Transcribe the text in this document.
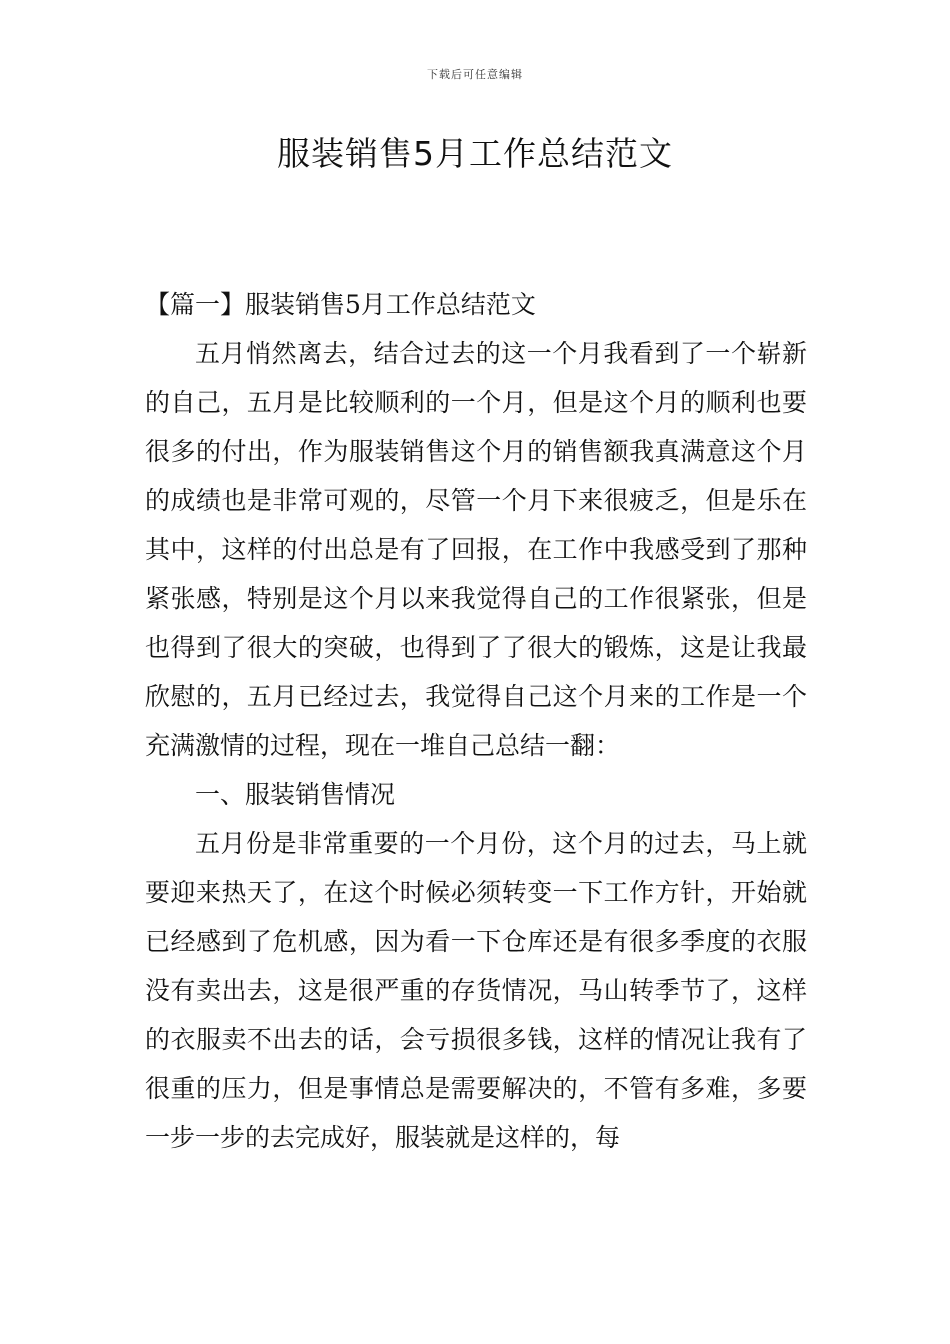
下载后可任意编辑
服装销售5月工作总结范文

【篇一】服装销售5月工作总结范文

五月悄然离去，结合过去的这一个月我看到了一个崭新的自己，五月是比较顺利的一个月，但是这个月的顺利也要很多的付出，作为服装销售这个月的销售额我真满意这个月的成绩也是非常可观的，尽管一个月下来很疲乏，但是乐在其中，这样的付出总是有了回报，在工作中我感受到了那种紧张感，特别是这个月以来我觉得自己的工作很紧张，但是也得到了很大的突破，也得到了了很大的锻炼，这是让我最欣慰的，五月已经过去，我觉得自己这个月来的工作是一个充满激情的过程，现在一堆自己总结一翻：

一、服装销售情况

五月份是非常重要的一个月份，这个月的过去，马上就要迎来热天了，在这个时候必须转变一下工作方针，开始就已经感到了危机感，因为看一下仓库还是有很多季度的衣服没有卖出去，这是很严重的存货情况，马山转季节了，这样的衣服卖不出去的话，会亏损很多钱，这样的情况让我有了很重的压力，但是事情总是需要解决的，不管有多难，多要一步一步的去完成好，服装就是这样的，每
